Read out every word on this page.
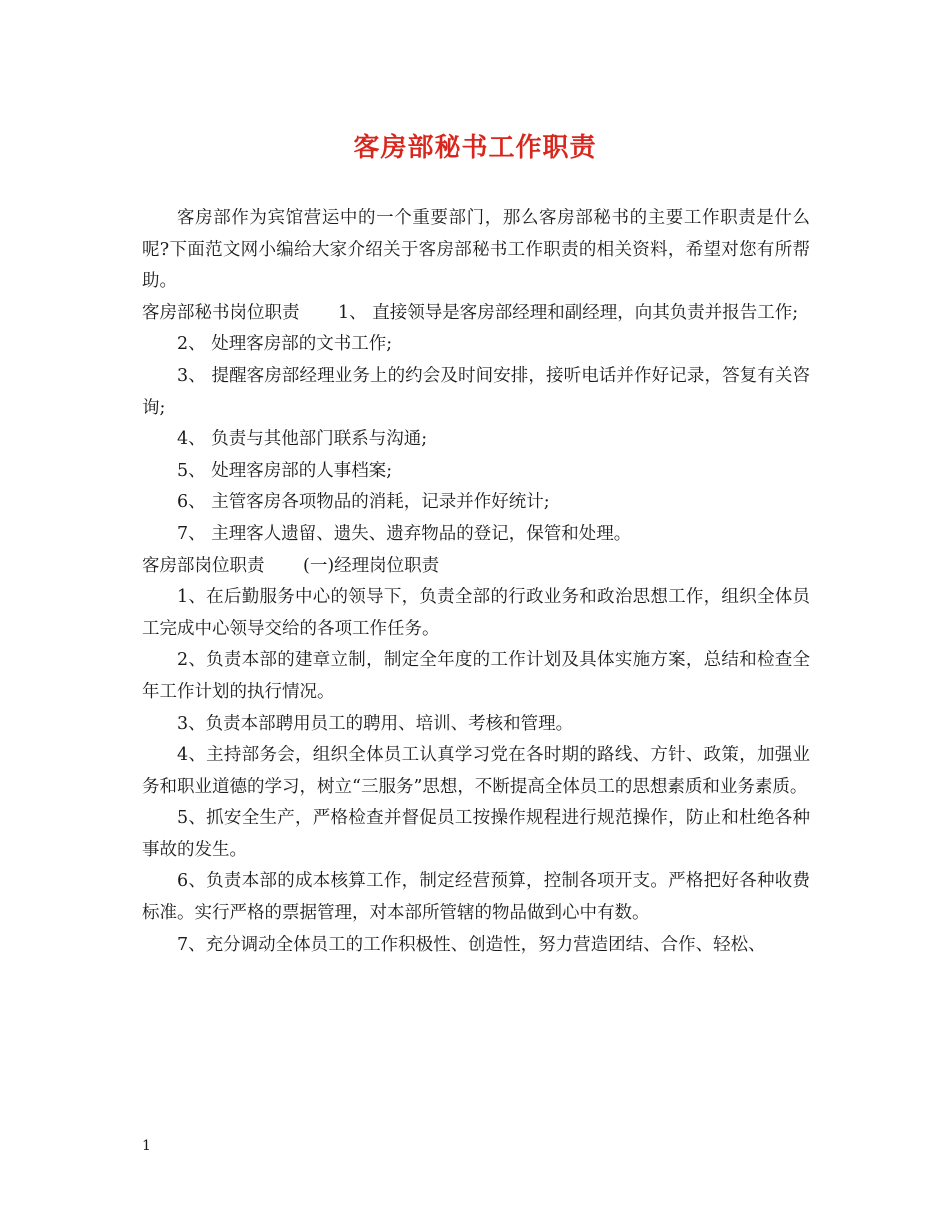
客房部秘书工作职责

客房部作为宾馆营运中的一个重要部门，那么客房部秘书的主要工作职责是什么呢?下面范文网小编给大家介绍关于客房部秘书工作职责的相关资料，希望对您有所帮助。

客房部秘书岗位职责 1、 直接领导是客房部经理和副经理，向其负责并报告工作;

2、 处理客房部的文书工作;

3、 提醒客房部经理业务上的约会及时间安排，接听电话并作好记录，答复有关咨询;

4、 负责与其他部门联系与沟通;

5、 处理客房部的人事档案;

6、 主管客房各项物品的消耗，记录并作好统计;

7、 主理客人遗留、遗失、遗弃物品的登记，保管和处理。

客房部岗位职责 (一)经理岗位职责

1、在后勤服务中心的领导下，负责全部的行政业务和政治思想工作，组织全体员工完成中心领导交给的各项工作任务。

2、负责本部的建章立制，制定全年度的工作计划及具体实施方案，总结和检查全年工作计划的执行情况。

3、负责本部聘用员工的聘用、培训、考核和管理。

4、主持部务会，组织全体员工认真学习党在各时期的路线、方针、政策，加强业务和职业道德的学习，树立“三服务”思想，不断提高全体员工的思想素质和业务素质。

5、抓安全生产，严格检查并督促员工按操作规程进行规范操作，防止和杜绝各种事故的发生。

6、负责本部的成本核算工作，制定经营预算，控制各项开支。严格把好各种收费标准。实行严格的票据管理，对本部所管辖的物品做到心中有数。

7、充分调动全体员工的工作积极性、创造性，努力营造团结、合作、轻松、

1
